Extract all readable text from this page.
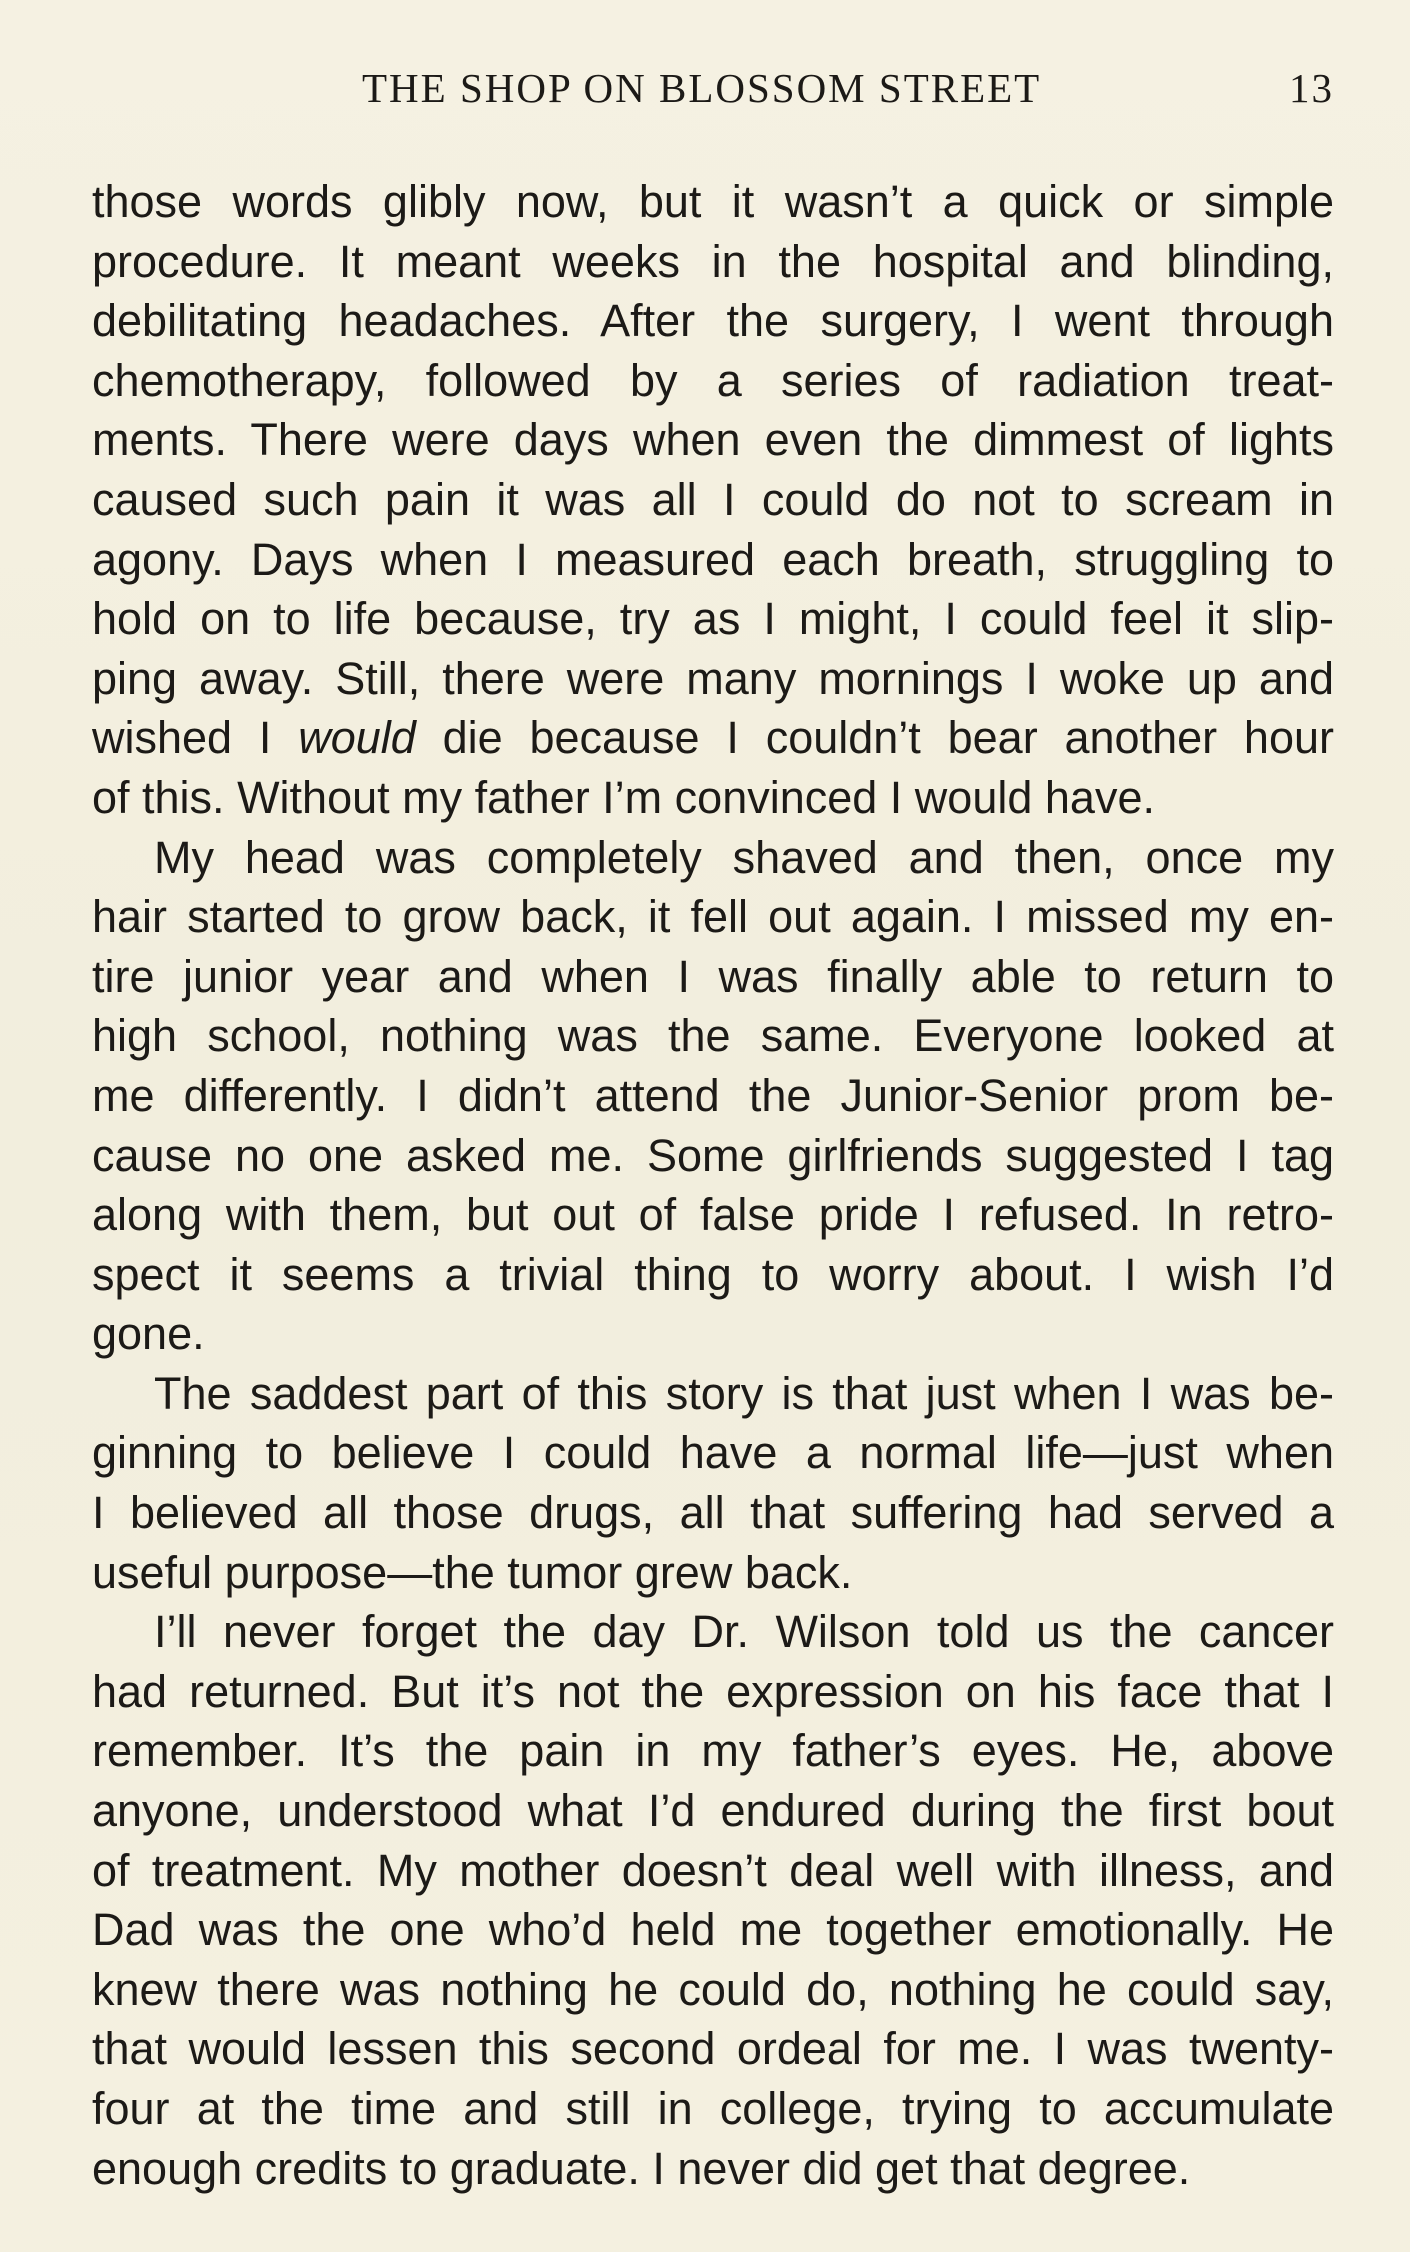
THE SHOP ON BLOSSOM STREET	13
those words glibly now, but it wasn’t a quick or simple
procedure. It meant weeks in the hospital and blinding,
debilitating headaches. After the surgery, I went through
chemotherapy, followed by a series of radiation treat-
ments. There were days when even the dimmest of lights
caused such pain it was all I could do not to scream in
agony. Days when I measured each breath, struggling to
hold on to life because, try as I might, I could feel it slip-
ping away. Still, there were many mornings I woke up and
wished I would die because I couldn’t bear another hour
of this. Without my father I’m convinced I would have.
My head was completely shaved and then, once my
hair started to grow back, it fell out again. I missed my en-
tire junior year and when I was finally able to return to
high school, nothing was the same. Everyone looked at
me differently. I didn’t attend the Junior-Senior prom be-
cause no one asked me. Some girlfriends suggested I tag
along with them, but out of false pride I refused. In retro-
spect it seems a trivial thing to worry about. I wish I’d
gone.
The saddest part of this story is that just when I was be-
ginning to believe I could have a normal life—just when
I believed all those drugs, all that suffering had served a
useful purpose—the tumor grew back.
I’ll never forget the day Dr. Wilson told us the cancer
had returned. But it’s not the expression on his face that I
remember. It’s the pain in my father’s eyes. He, above
anyone, understood what I’d endured during the first bout
of treatment. My mother doesn’t deal well with illness, and
Dad was the one who’d held me together emotionally. He
knew there was nothing he could do, nothing he could say,
that would lessen this second ordeal for me. I was twenty-
four at the time and still in college, trying to accumulate
enough credits to graduate. I never did get that degree.
